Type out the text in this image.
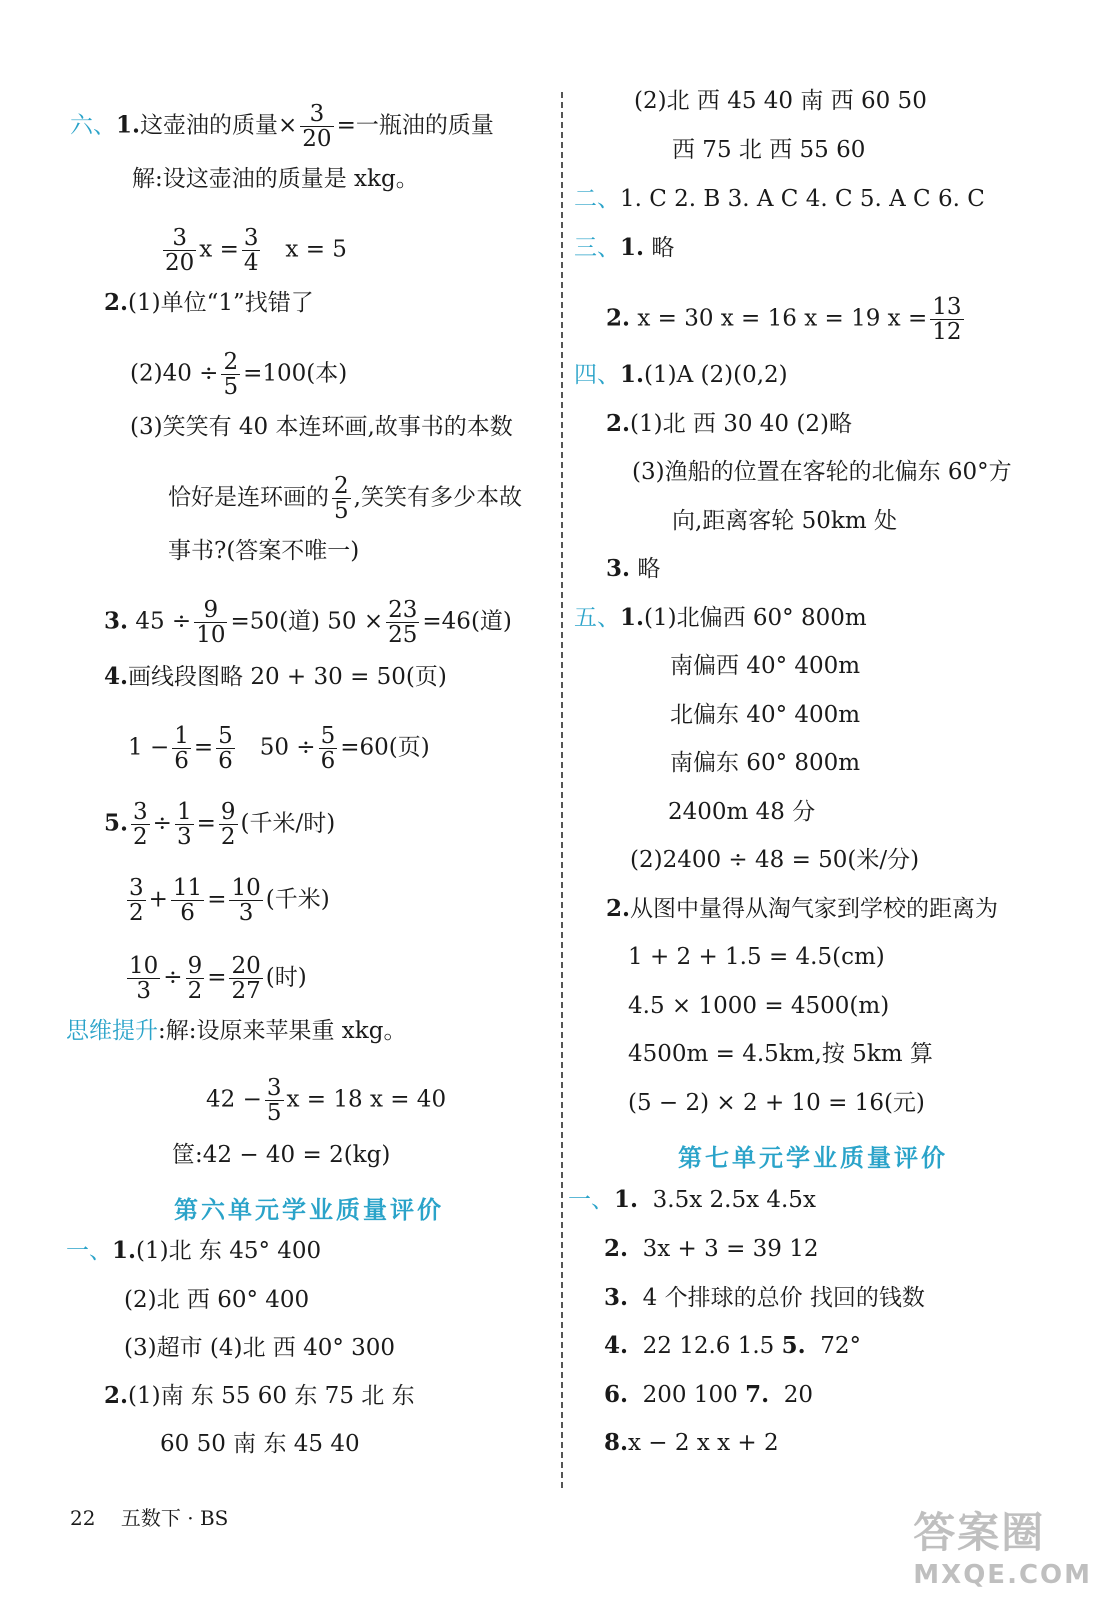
六、1.这壶油的质量× $\frac{3}{20}$ =一瓶油的质量
解:设这壶油的质量是 xkg。
$\frac{3}{20}$ $x = \frac{3}{4}$ x = 5
2.(1)单位“1”找错了
$(2)40 \div \frac{2}{5} =100$(本)
(3)笑笑有 40 本连环画,故事书的本数
恰好是连环画的 $\frac{2}{5}$ ,笑笑有多少本故
事书?(答案不唯一)
3. $45 \div \frac{9}{10} =50$(道) $50 \times \frac{23}{25} =46$(道)
4.画线段图略 20 + 30 = 50(页)
$1 - \frac{1}{6} = \frac{5}{6} 50 \div \frac{5}{6} =60$(页)
5. $\frac{3}{2} \div \frac{1}{3} = \frac{9}{2}$ (千米/时)
$\frac{3}{2} + \frac{11}{6} = \frac{10}{3}$ (千米)
$\frac{10}{3} \div \frac{9}{2} = \frac{20}{27}$ (时)
思维提升:解:设原来苹果重 xkg。
$42 - \frac{3}{5}$ x = 18 x = 40
筐:42 − 40 = 2(kg)
第六单元学业质量评价
一、1.(1)北 东 45° 400
(2)北 西 60° 400
(3)超市 (4)北 西 40° 300
2.(1)南 东 55 60 东 75 北 东
60 50 南 东 45 40
(2)北 西 45 40 南 西 60 50
西 75 北 西 55 60
二、1. C 2. B 3. A C 4. C 5. A C 6. C
三、1. 略
2. x = 30 x = 16 x = 19 $x = \frac{13}{12}$
四、1.(1)A (2)(0,2)
2.(1)北 西 30 40 (2)略
(3)渔船的位置在客轮的北偏东 60°方
向,距离客轮 50km 处
3. 略
五、1.(1)北偏西 60° 800m
南偏西 40° 400m
北偏东 40° 400m
南偏东 60° 800m
2400m 48 分
(2)2400 ÷ 48 = 50(米/分)
2.从图中量得从淘气家到学校的距离为
1 + 2 + 1.5 = 4.5(cm)
4.5 × 1000 = 4500(m)
4500m = 4.5km,按 5km 算
(5 − 2) × 2 + 10 = 16(元)
第七单元学业质量评价
一、1. 3.5x 2.5x 4.5x
2. 3x + 3 = 39 12
3. 4 个排球的总价 找回的钱数
4. 22 12.6 1.5 5. 72°
6. 200 100 7. 20
8.x − 2 x x + 2
22 五数下 · BS	答案圈
MXQE.COM
